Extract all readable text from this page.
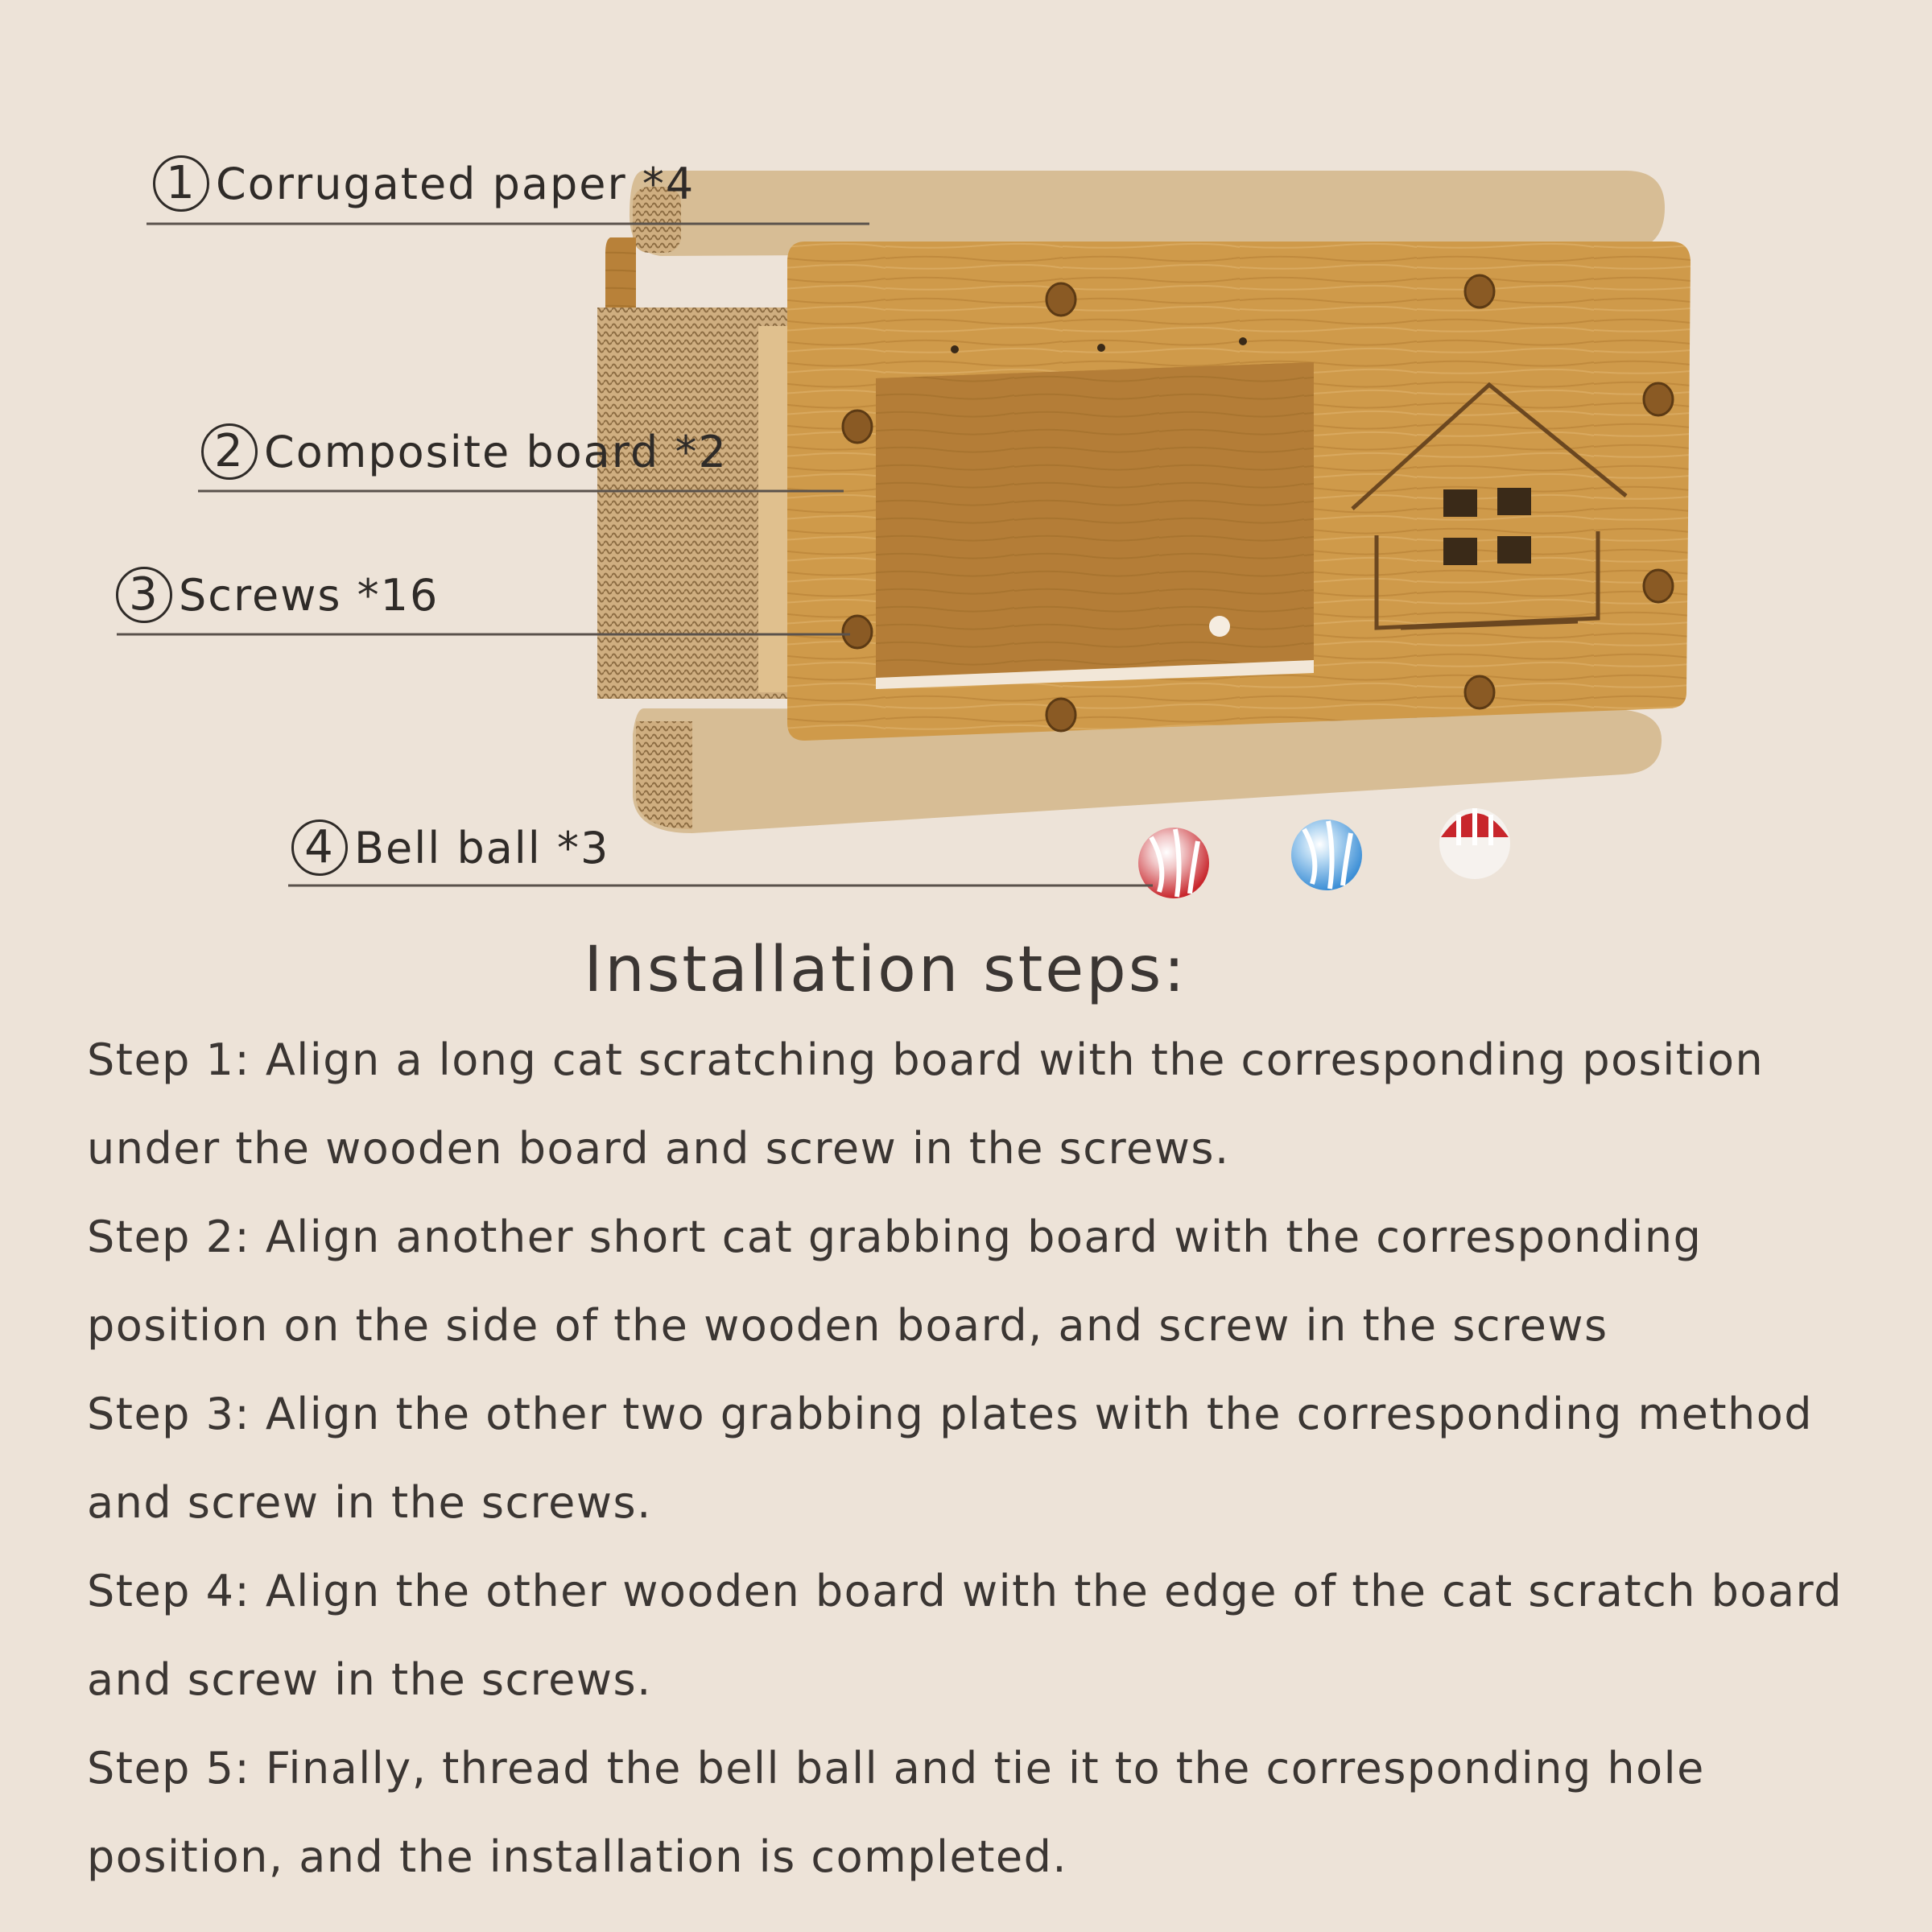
1 Corrugated paper *4
2 Composite board *2
3 Screws *16
4 Bell ball *3
Installation steps:

Step 1: Align a long cat scratching board with the corresponding position under the wooden board and screw in the screws.

Step 2: Align another short cat grabbing board with the corresponding position on the side of the wooden board, and screw in the screws

Step 3: Align the other two grabbing plates with the corresponding method and screw in the screws.

Step 4: Align the other wooden board with the edge of the cat scratch board and screw in the screws.

Step 5: Finally, thread the bell ball and tie it to the corresponding hole position, and the installation is completed.
